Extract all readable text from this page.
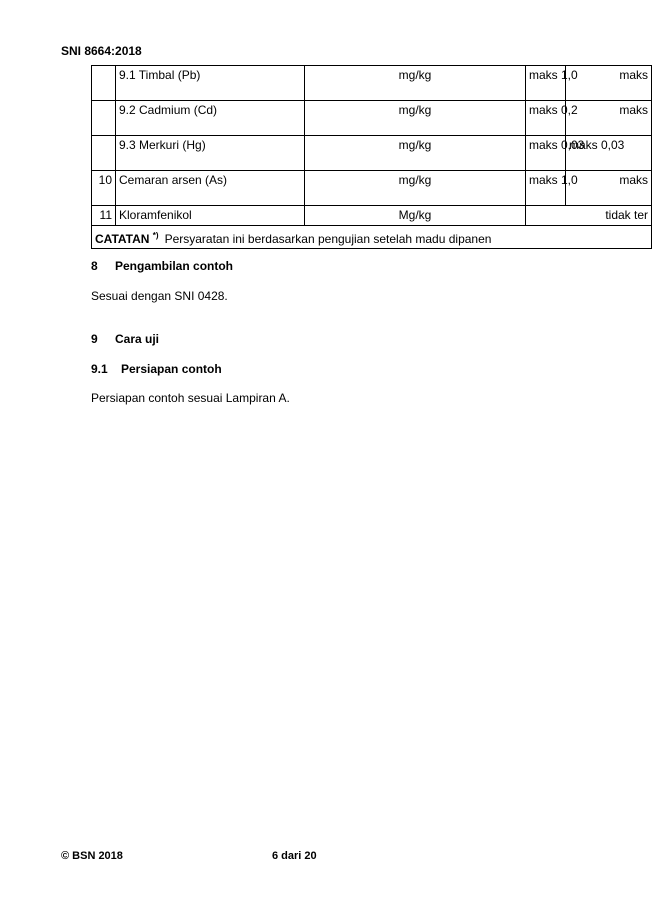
SNI 8664:2018
	9.1 Timbal (Pb)	mg/kg	maks 1,0	maks
	9.2 Cadmium (Cd)	mg/kg	maks 0,2	maks
	9.3 Merkuri (Hg)	mg/kg	maks 0,03	maks 0,03
10	Cemaran arsen (As)	mg/kg	maks 1,0	maks
11	Kloramfenikol	Mg/kg	tidak ter	
CATATAN *) Persyaratan ini berdasarkan pengujian setelah madu dipanen				
8 Pengambilan contoh
Sesuai dengan SNI 0428.
9 Cara uji
9.1 Persiapan contoh
Persiapan contoh sesuai Lampiran A.
© BSN 2018	6 dari 20
